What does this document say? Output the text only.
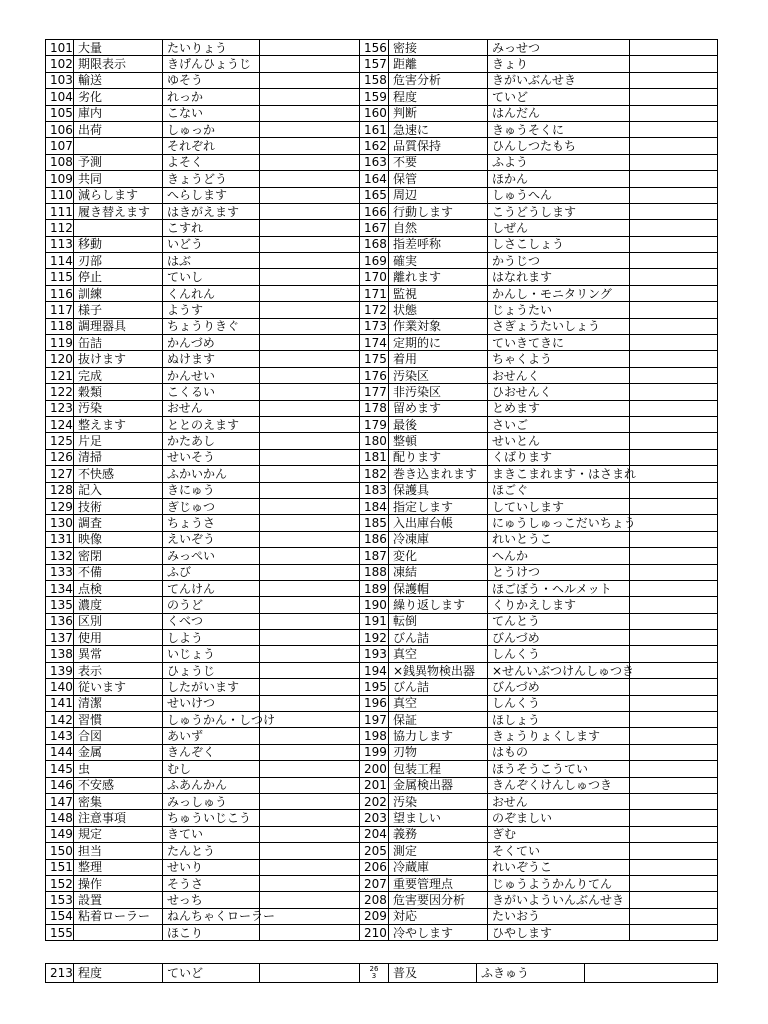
101	大量	たいりょう		156	密接	みっせつ	
102	期限表示	きげんひょうじ		157	距離	きょり	
103	輸送	ゆそう		158	危害分析	きがいぶんせき	
104	劣化	れっか		159	程度	ていど	
105	庫内	こない		160	判断	はんだん	
106	出荷	しゅっか		161	急速に	きゅうそくに	
107		それぞれ		162	品質保持	ひんしつたもち	
108	予測	よそく		163	不要	ふよう	
109	共同	きょうどう		164	保管	ほかん	
110	減らします	へらします		165	周辺	しゅうへん	
111	履き替えます	はきがえます		166	行動します	こうどうします	
112		こすれ		167	自然	しぜん	
113	移動	いどう		168	指差呼称	しさこしょう	
114	刃部	はぶ		169	確実	かうじつ	
115	停止	ていし		170	離れます	はなれます	
116	訓練	くんれん		171	監視	かんし・モニタリング	
117	様子	ようす		172	状態	じょうたい	
118	調理器具	ちょうりきぐ		173	作業対象	さぎょうたいしょう	
119	缶詰	かんづめ		174	定期的に	ていきてきに	
120	抜けます	ぬけます		175	着用	ちゃくよう	
121	完成	かんせい		176	汚染区	おせんく	
122	穀類	こくるい		177	非汚染区	ひおせんく	
123	汚染	おせん		178	留めます	とめます	
124	整えます	ととのえます		179	最後	さいご	
125	片足	かたあし		180	整頓	せいとん	
126	清掃	せいそう		181	配ります	くばります	
127	不快感	ふかいかん		182	巻き込まれます	まきこまれます・はさまれ	
128	記入	きにゅう		183	保護具	ほごぐ	
129	技術	ぎじゅつ		184	指定します	していします	
130	調査	ちょうさ		185	入出庫台帳	にゅうしゅっこだいちょう	
131	映像	えいぞう		186	冷凍庫	れいとうこ	
132	密閉	みっぺい		187	変化	へんか	
133	不備	ふび		188	凍結	とうけつ	
134	点検	てんけん		189	保護帽	ほごぼう・ヘルメット	
135	濃度	のうど		190	繰り返します	くりかえします	
136	区別	くべつ		191	転倒	てんとう	
137	使用	しよう		192	びん詰	びんづめ	
138	異常	いじょう		193	真空	しんくう	
139	表示	ひょうじ		194	×銭異物検出器	×せんいぶつけんしゅつき	
140	従います	したがいます		195	びん詰	びんづめ	
141	清潔	せいけつ		196	真空	しんくう	
142	習慣	しゅうかん・しつけ		197	保証	ほしょう	
143	合図	あいず		198	協力します	きょうりょくします	
144	金属	きんぞく		199	刃物	はもの	
145	虫	むし		200	包装工程	ほうそうこうてい	
146	不安感	ふあんかん		201	金属検出器	きんぞくけんしゅつき	
147	密集	みっしゅう		202	汚染	おせん	
148	注意事項	ちゅういじこう		203	望ましい	のぞましい	
149	規定	きてい		204	義務	ぎむ	
150	担当	たんとう		205	測定	そくてい	
151	整理	せいり		206	冷蔵庫	れいぞうこ	
152	操作	そうさ		207	重要管理点	じゅうようかんりてん	
153	設置	せっち		208	危害要因分析	きがいよういんぶんせき	
154	粘着ローラー	ねんちゃくローラー		209	対応	たいおう	
155		ほこり		210	冷やします	ひやします	
213	程度	ていど		263	普及	ふきゅう	
